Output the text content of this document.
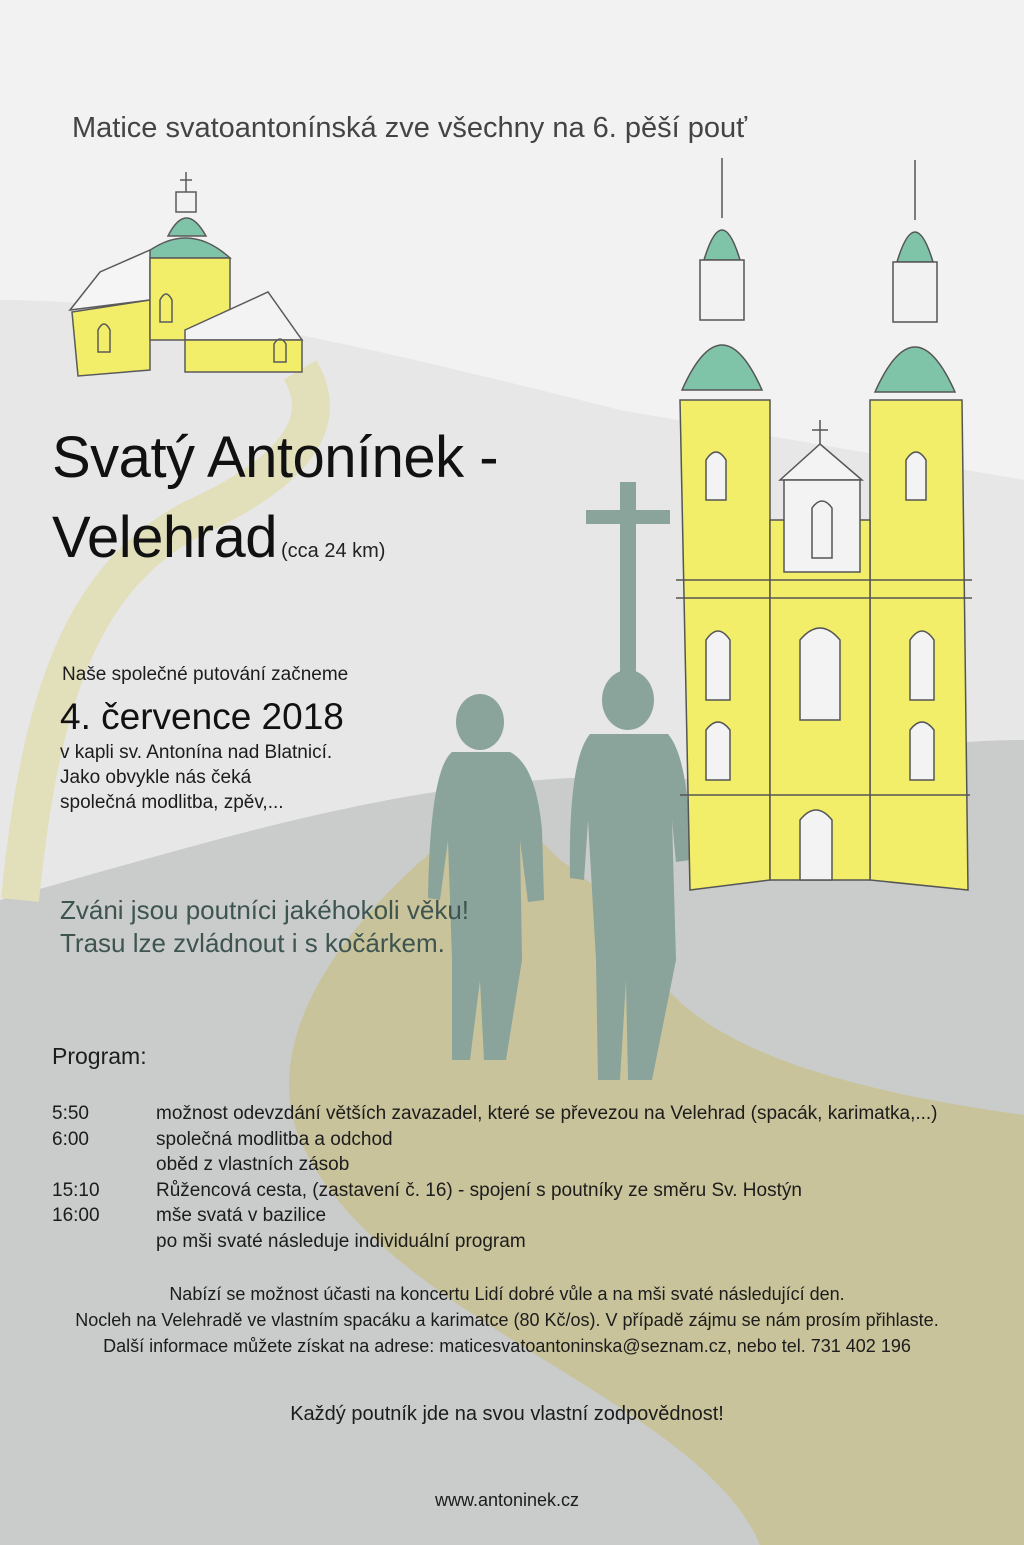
Matice svatoantonínská zve všechny na 6. pěší pouť
Svatý Antonínek -
Velehrad (cca 24 km)
Naše společné putování začneme
4. července 2018
v kapli sv. Antonína nad Blatnicí.
Jako obvykle nás čeká
společná modlitba, zpěv,...
Zváni jsou poutníci jakéhokoli věku!
Trasu lze zvládnout i s kočárkem.
Program:
5:50	možnost odevzdání větších zavazadel, které se převezou na Velehrad (spacák, karimatka,...)
6:00	společná modlitba a odchod
oběd z vlastních zásob
15:10	Růžencová cesta, (zastavení č. 16) - spojení s poutníky ze směru Sv. Hostýn
16:00	mše svatá v bazilice
po mši svaté následuje individuální program
Nabízí se možnost účasti na koncertu Lidí dobré vůle a na mši svaté následující den.
Nocleh na Velehradě ve vlastním spacáku a karimatce (80 Kč/os). V případě zájmu se nám prosím přihlaste.
Další informace můžete získat na adrese: maticesvatoantoninska@seznam.cz, nebo tel. 731 402 196
Každý poutník jde na svou vlastní zodpovědnost!
www.antoninek.cz
